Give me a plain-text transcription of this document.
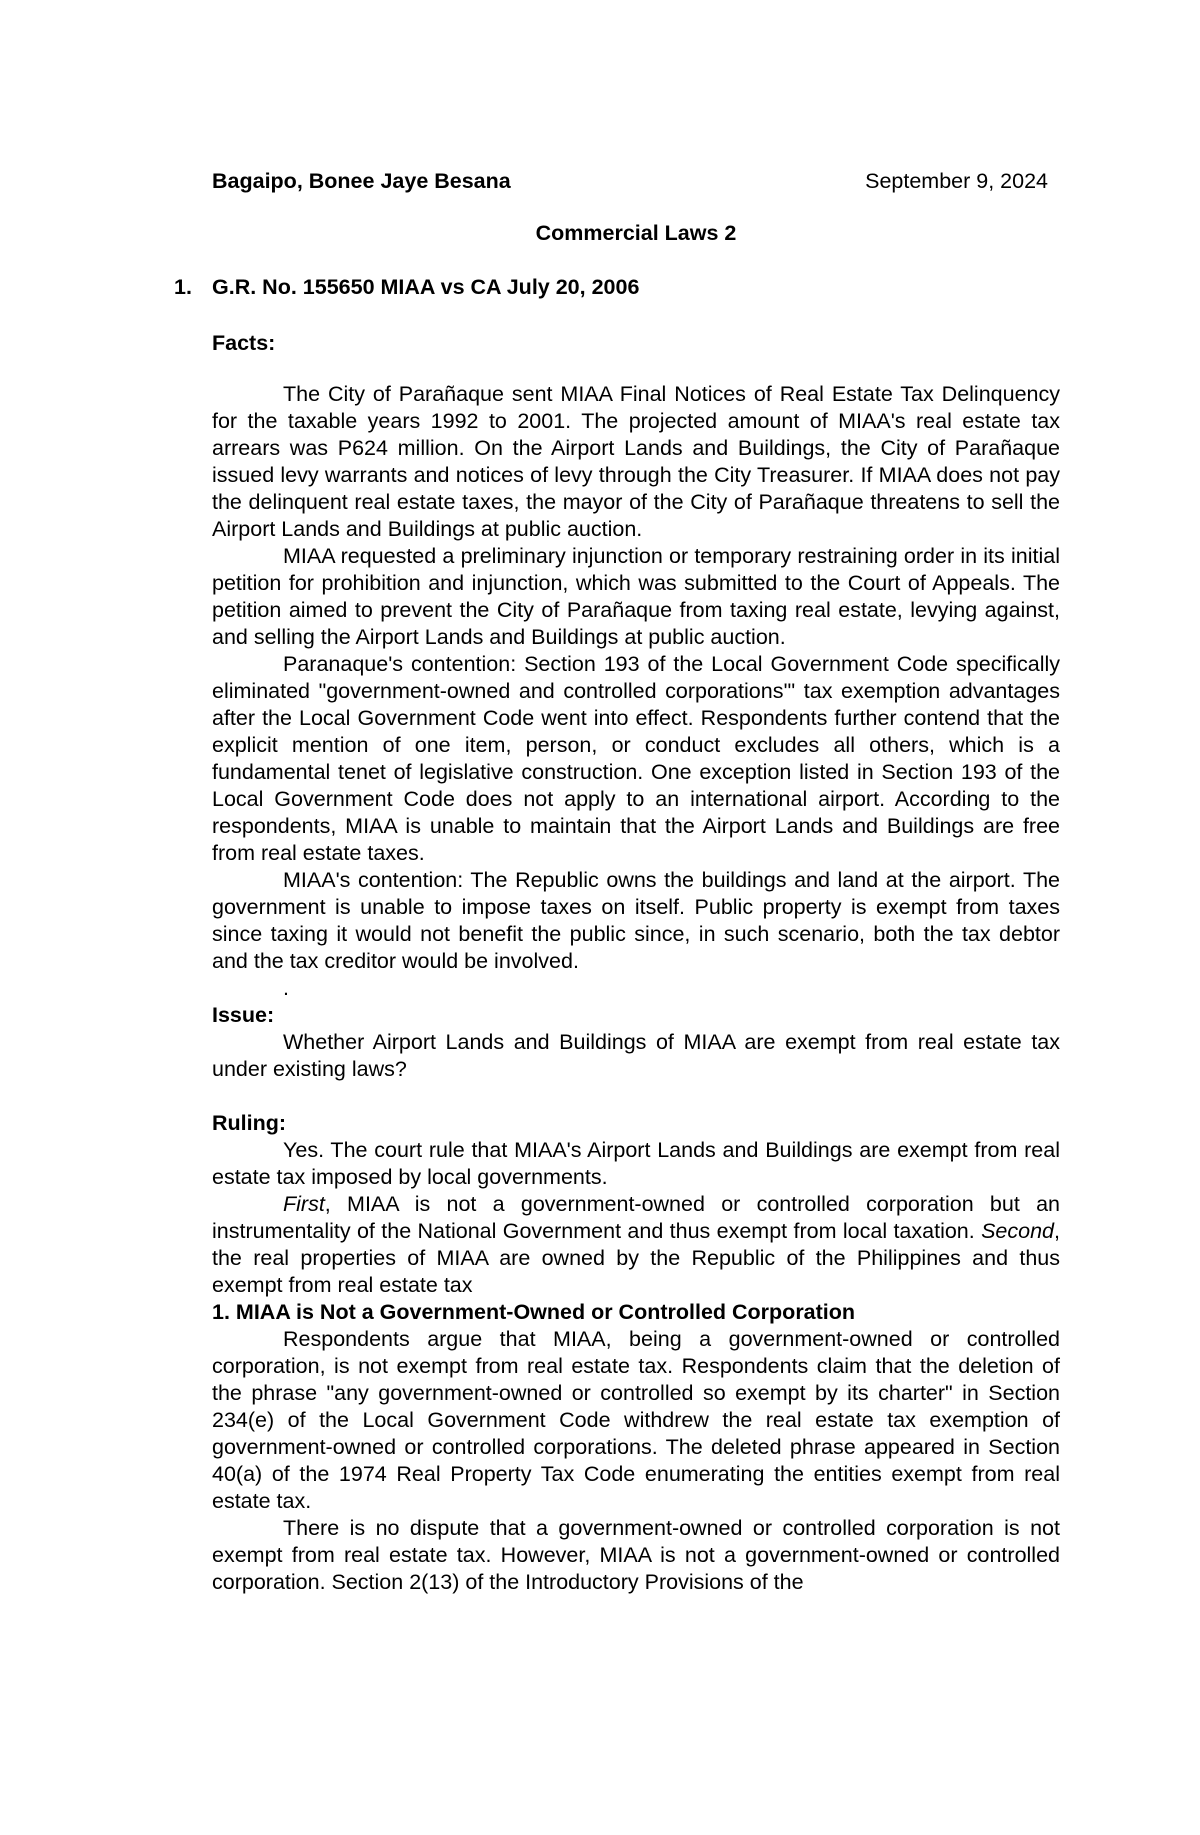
Bagaipo, Bonee Jaye Besana	September 9, 2024
Commercial Laws 2
1. G.R. No. 155650 MIAA vs CA July 20, 2006
Facts:

The City of Parañaque sent MIAA Final Notices of Real Estate Tax Delinquency for the taxable years 1992 to 2001. The projected amount of MIAA's real estate tax arrears was P624 million. On the Airport Lands and Buildings, the City of Parañaque issued levy warrants and notices of levy through the City Treasurer. If MIAA does not pay the delinquent real estate taxes, the mayor of the City of Parañaque threatens to sell the Airport Lands and Buildings at public auction.

MIAA requested a preliminary injunction or temporary restraining order in its initial petition for prohibition and injunction, which was submitted to the Court of Appeals. The petition aimed to prevent the City of Parañaque from taxing real estate, levying against, and selling the Airport Lands and Buildings at public auction.

Paranaque's contention: Section 193 of the Local Government Code specifically eliminated "government-owned and controlled corporations'" tax exemption advantages after the Local Government Code went into effect. Respondents further contend that the explicit mention of one item, person, or conduct excludes all others, which is a fundamental tenet of legislative construction. One exception listed in Section 193 of the Local Government Code does not apply to an international airport. According to the respondents, MIAA is unable to maintain that the Airport Lands and Buildings are free from real estate taxes.

MIAA's contention: The Republic owns the buildings and land at the airport. The government is unable to impose taxes on itself. Public property is exempt from taxes since taxing it would not benefit the public since, in such scenario, both the tax debtor and the tax creditor would be involved.

.
Issue:

Whether Airport Lands and Buildings of MIAA are exempt from real estate tax under existing laws?

Ruling:

Yes. The court rule that MIAA's Airport Lands and Buildings are exempt from real estate tax imposed by local governments.

First, MIAA is not a government-owned or controlled corporation but an instrumentality of the National Government and thus exempt from local taxation. Second, the real properties of MIAA are owned by the Republic of the Philippines and thus exempt from real estate tax

1. MIAA is Not a Government-Owned or Controlled Corporation

Respondents argue that MIAA, being a government-owned or controlled corporation, is not exempt from real estate tax. Respondents claim that the deletion of the phrase "any government-owned or controlled so exempt by its charter" in Section 234(e) of the Local Government Code withdrew the real estate tax exemption of government-owned or controlled corporations. The deleted phrase appeared in Section 40(a) of the 1974 Real Property Tax Code enumerating the entities exempt from real estate tax.

There is no dispute that a government-owned or controlled corporation is not exempt from real estate tax. However, MIAA is not a government-owned or controlled corporation. Section 2(13) of the Introductory Provisions of the
